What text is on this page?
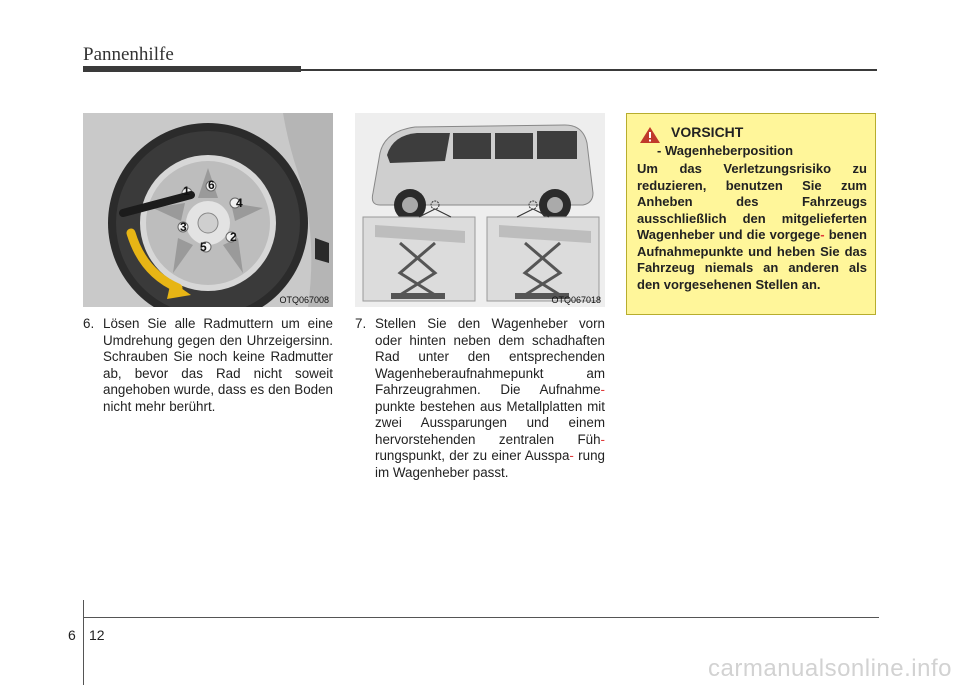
Pannenhilfe
1 6
4
2
5
3
OTQ067008	OTQ067018
6. Lösen Sie alle Radmuttern um eine Umdrehung gegen den Uhrzeigersinn. Schrauben Sie noch keine Radmutter ab, bevor das Rad nicht soweit angehoben wurde, dass es den Boden nicht mehr berührt.
7. Stellen Sie den Wagenheber vorn oder hinten neben dem schadhaften Rad unter den entsprechenden Wagenheberaufnahmepunkt am Fahrzeugrahmen. Die Aufnahme- punkte bestehen aus Metallplatten mit zwei Aussparungen und einem hervorstehenden zentralen Füh- rungspunkt, der zu einer Ausspa- rung im Wagenheber passt.
VORSICHT
- Wagenheberposition
Um das Verletzungsrisiko zu reduzieren, benutzen Sie zum Anheben des Fahrzeugs ausschließlich den mitgelieferten Wagenheber und die vorgege- benen Aufnahmepunkte und heben Sie das Fahrzeug niemals an anderen als den vorgesehenen Stellen an.
6 12
carmanualsonline.info
